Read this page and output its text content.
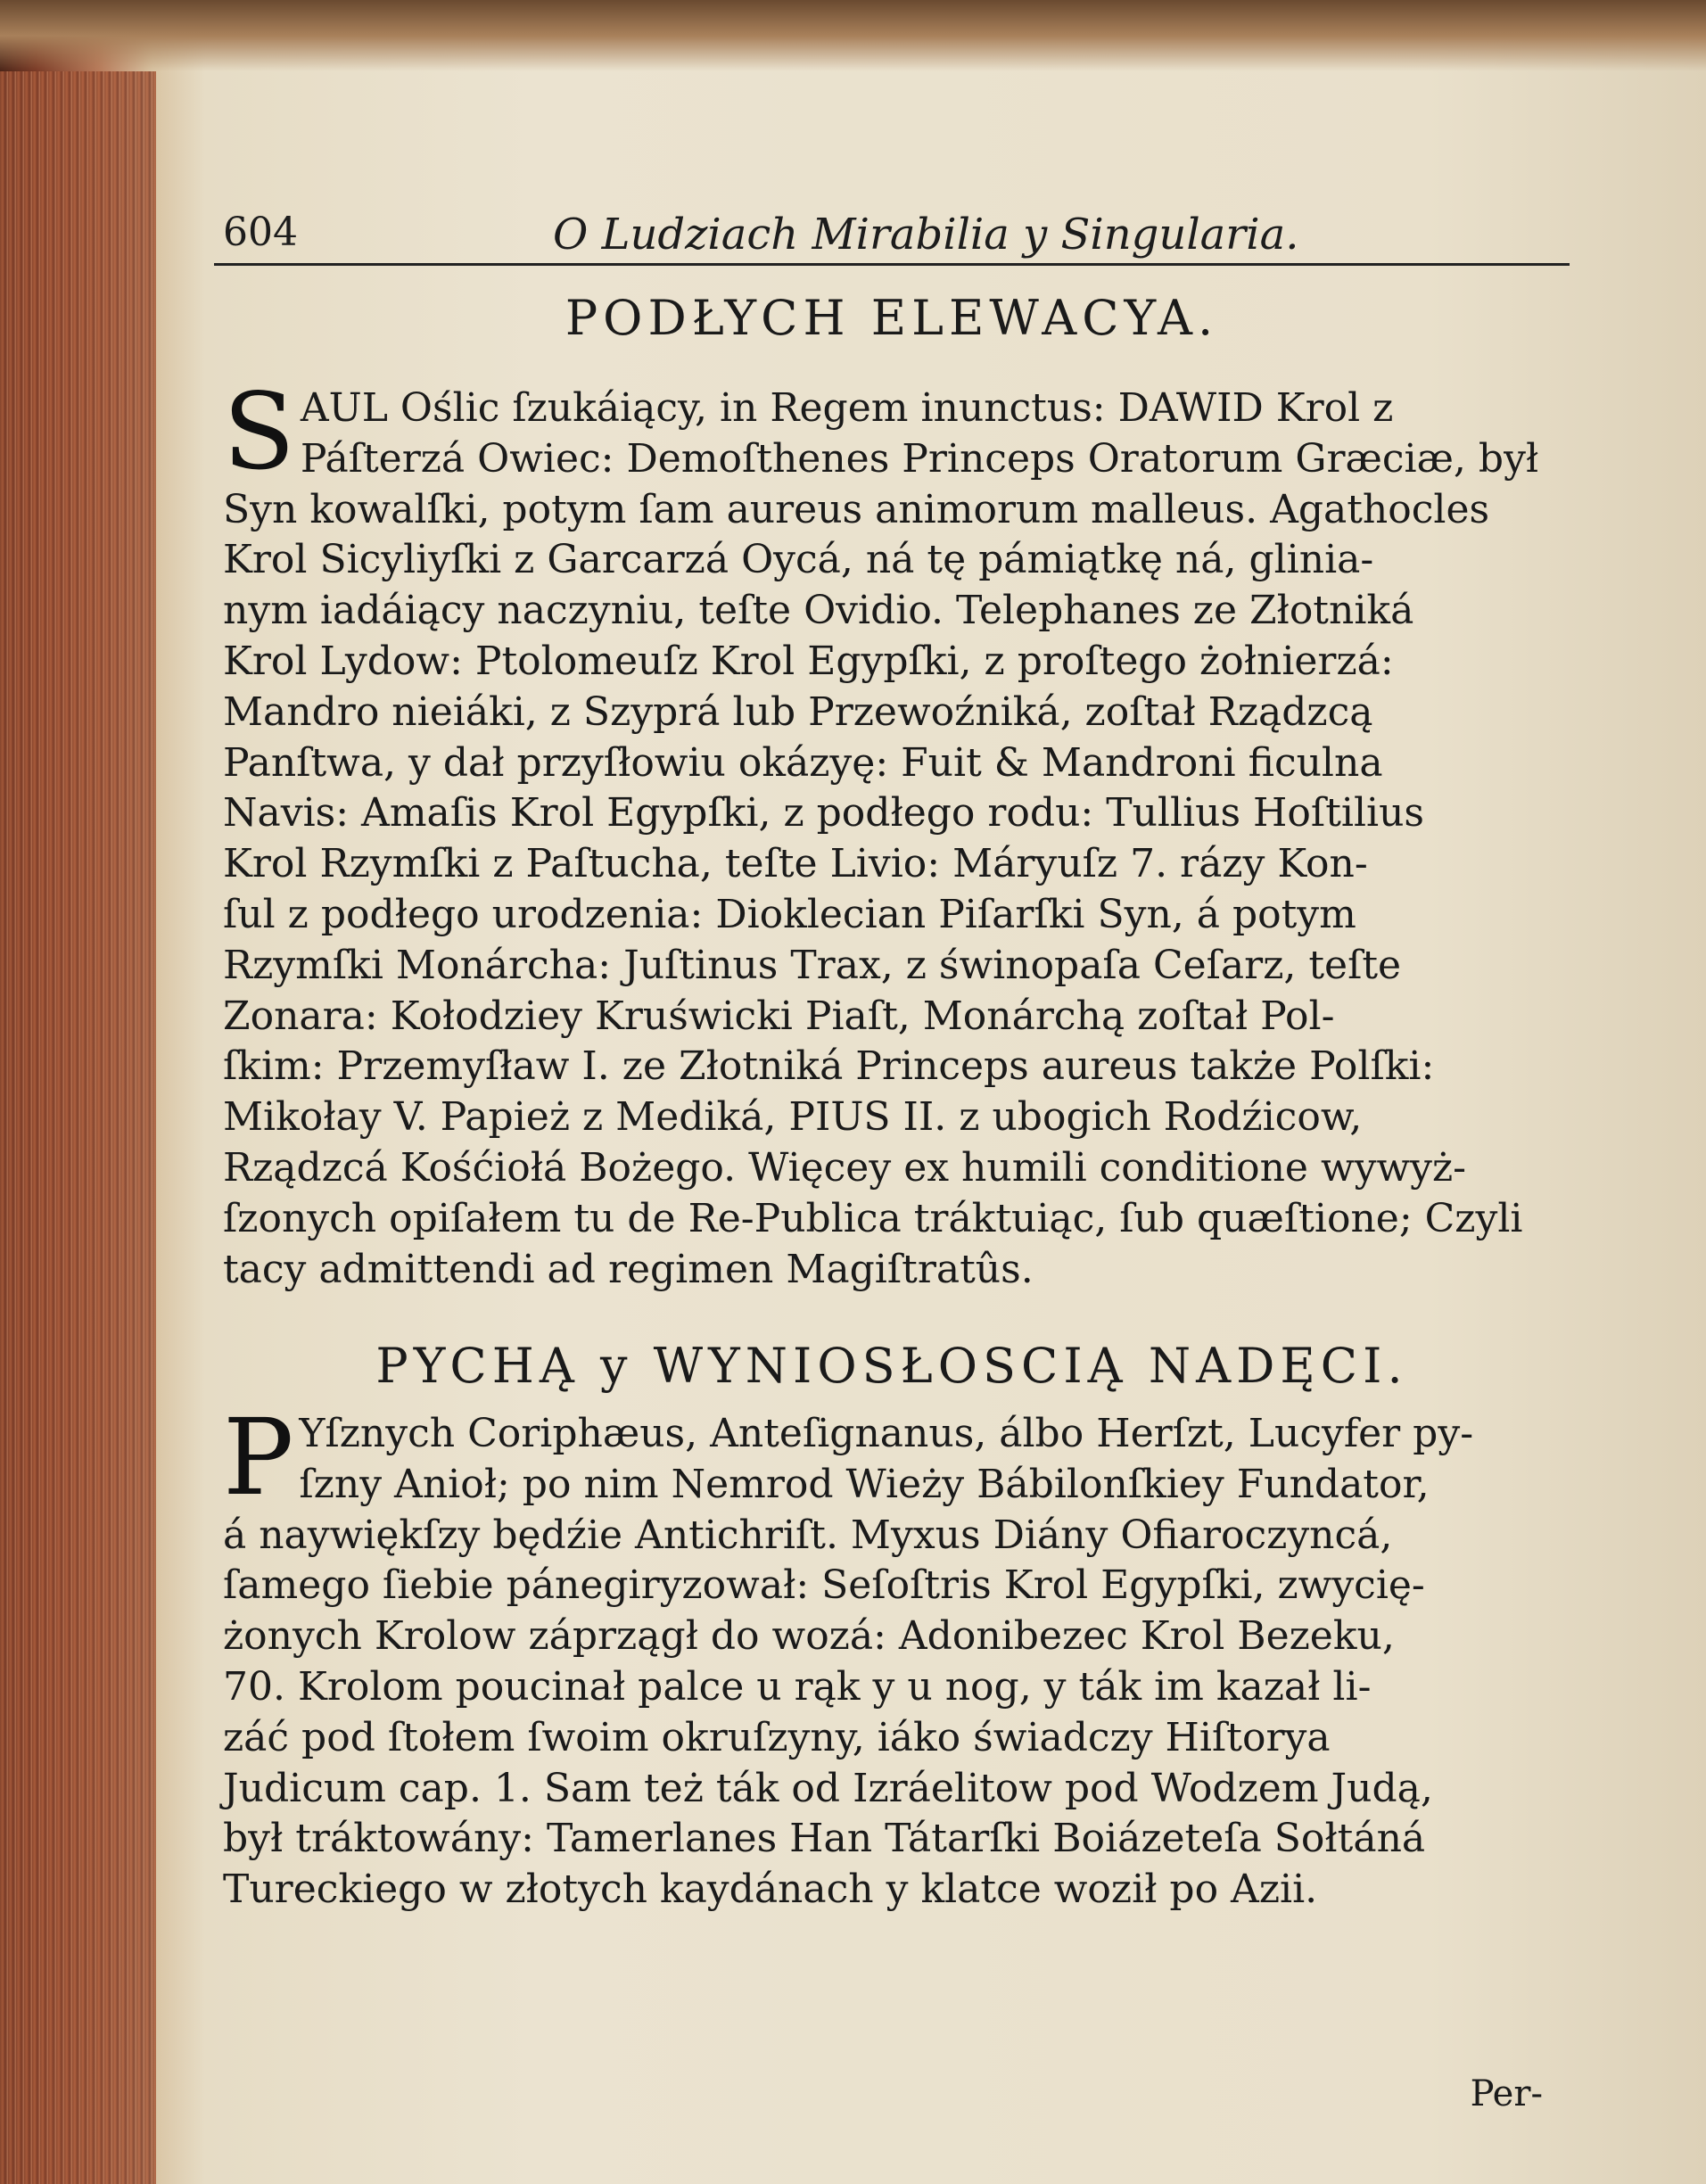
604	O Ludziach Mirabilia y Singularia.
PODŁYCH ELEWACYA.
S AUL Oślic ſzukáiący, in Regem inunctus: DAWID Krol z
Páſterzá Owiec: Demoſthenes Princeps Oratorum Græciæ, był
Syn kowalſki, potym ſam aureus animorum malleus. Agathocles
Krol Sicyliyſki z Garcarzá Oycá, ná tę pámiątkę ná, glinia-
nym iadáiący naczyniu, teſte Ovidio. Telephanes ze Złotniká
Krol Lydow: Ptolomeuſz Krol Egypſki, z proſtego żołnierzá:
Mandro nieiáki, z Szyprá lub Przewoźniká, zoſtał Rządzcą
Panſtwa, y dał przyſłowiu okázyę: Fuit & Mandroni ficulna
Navis: Amaſis Krol Egypſki, z podłego rodu: Tullius Hoſtilius
Krol Rzymſki z Paſtucha, teſte Livio: Máryuſz 7. rázy Kon-
ſul z podłego urodzenia: Dioklecian Piſarſki Syn, á potym
Rzymſki Monárcha: Juſtinus Trax, z świnopaſa Ceſarz, teſte
Zonara: Kołodziey Kruświcki Piaſt, Monárchą zoſtał Pol-
ſkim: Przemyſław I. ze Złotniká Princeps aureus także Polſki:
Mikołay V. Papież z Mediká, PIUS II. z ubogich Rodźicow,
Rządzcá Kośćiołá Bożego. Więcey ex humili conditione wywyż-
ſzonych opiſałem tu de Re-Publica tráktuiąc, ſub quæſtione; Czyli
tacy admittendi ad regimen Magiſtratûs.
PYCHĄ y WYNIOSŁOSCIĄ NADĘCI.
P Yſznych Coriphæus, Anteſignanus, álbo Herſzt, Lucyfer py-
ſzny Anioł; po nim Nemrod Wieży Bábilonſkiey Fundator,
á naywiękſzy będźie Antichriſt. Myxus Diány Ofiaroczyncá,
ſamego ſiebie pánegiryzował: Seſoſtris Krol Egypſki, zwycię-
żonych Krolow záprzągł do wozá: Adonibezec Krol Bezeku,
70. Krolom poucinał palce u rąk y u nog, y ták im kazał li-
záć pod ſtołem ſwoim okruſzyny, iáko świadczy Hiſtorya
Judicum cap. 1. Sam też ták od Izráelitow pod Wodzem Judą,
był tráktowány: Tamerlanes Han Tátarſki Boiázeteſa Sołtáná
Tureckiego w złotych kaydánach y klatce woził po Azii.
Per-
